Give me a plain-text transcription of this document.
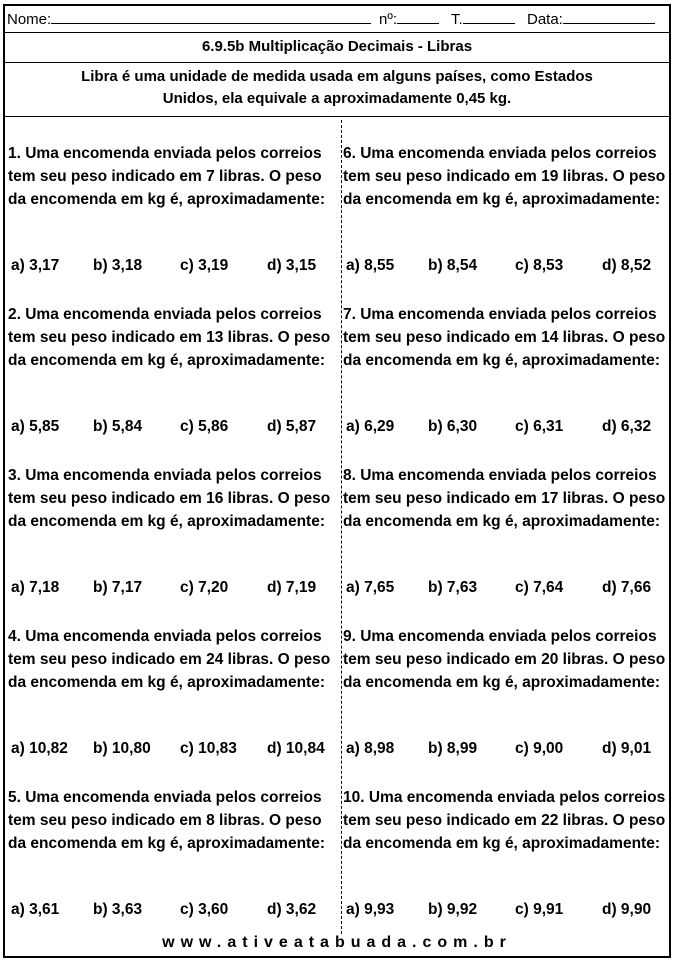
Nome:	nº:	T.	Data:
6.9.5b Multiplicação Decimais - Libras
Libra é uma unidade de medida usada em alguns países, como Estados
Unidos, ela equivale a aproximadamente 0,45 kg.
1. Uma encomenda enviada pelos correios tem seu peso indicado em 7 libras. O peso da encomenda em kg é, aproximadamente:
a) 3,17 b) 3,18 c) 3,19 d) 3,15
2. Uma encomenda enviada pelos correios tem seu peso indicado em 13 libras. O peso da encomenda em kg é, aproximadamente:
a) 5,85 b) 5,84 c) 5,86 d) 5,87
3. Uma encomenda enviada pelos correios tem seu peso indicado em 16 libras. O peso da encomenda em kg é, aproximadamente:
a) 7,18 b) 7,17 c) 7,20 d) 7,19
4. Uma encomenda enviada pelos correios tem seu peso indicado em 24 libras. O peso da encomenda em kg é, aproximadamente:
a) 10,82 b) 10,80 c) 10,83 d) 10,84
5. Uma encomenda enviada pelos correios tem seu peso indicado em 8 libras. O peso da encomenda em kg é, aproximadamente:
a) 3,61 b) 3,63 c) 3,60 d) 3,62
6. Uma encomenda enviada pelos correios tem seu peso indicado em 19 libras. O peso da encomenda em kg é, aproximadamente:
a) 8,55 b) 8,54 c) 8,53 d) 8,52
7. Uma encomenda enviada pelos correios tem seu peso indicado em 14 libras. O peso da encomenda em kg é, aproximadamente:
a) 6,29 b) 6,30 c) 6,31 d) 6,32
8. Uma encomenda enviada pelos correios tem seu peso indicado em 17 libras. O peso da encomenda em kg é, aproximadamente:
a) 7,65 b) 7,63 c) 7,64 d) 7,66
9. Uma encomenda enviada pelos correios tem seu peso indicado em 20 libras. O peso da encomenda em kg é, aproximadamente:
a) 8,98 b) 8,99 c) 9,00 d) 9,01
10. Uma encomenda enviada pelos correios tem seu peso indicado em 22 libras. O peso da encomenda em kg é, aproximadamente:
a) 9,93 b) 9,92 c) 9,91 d) 9,90
www.ativeatabuada.com.br
